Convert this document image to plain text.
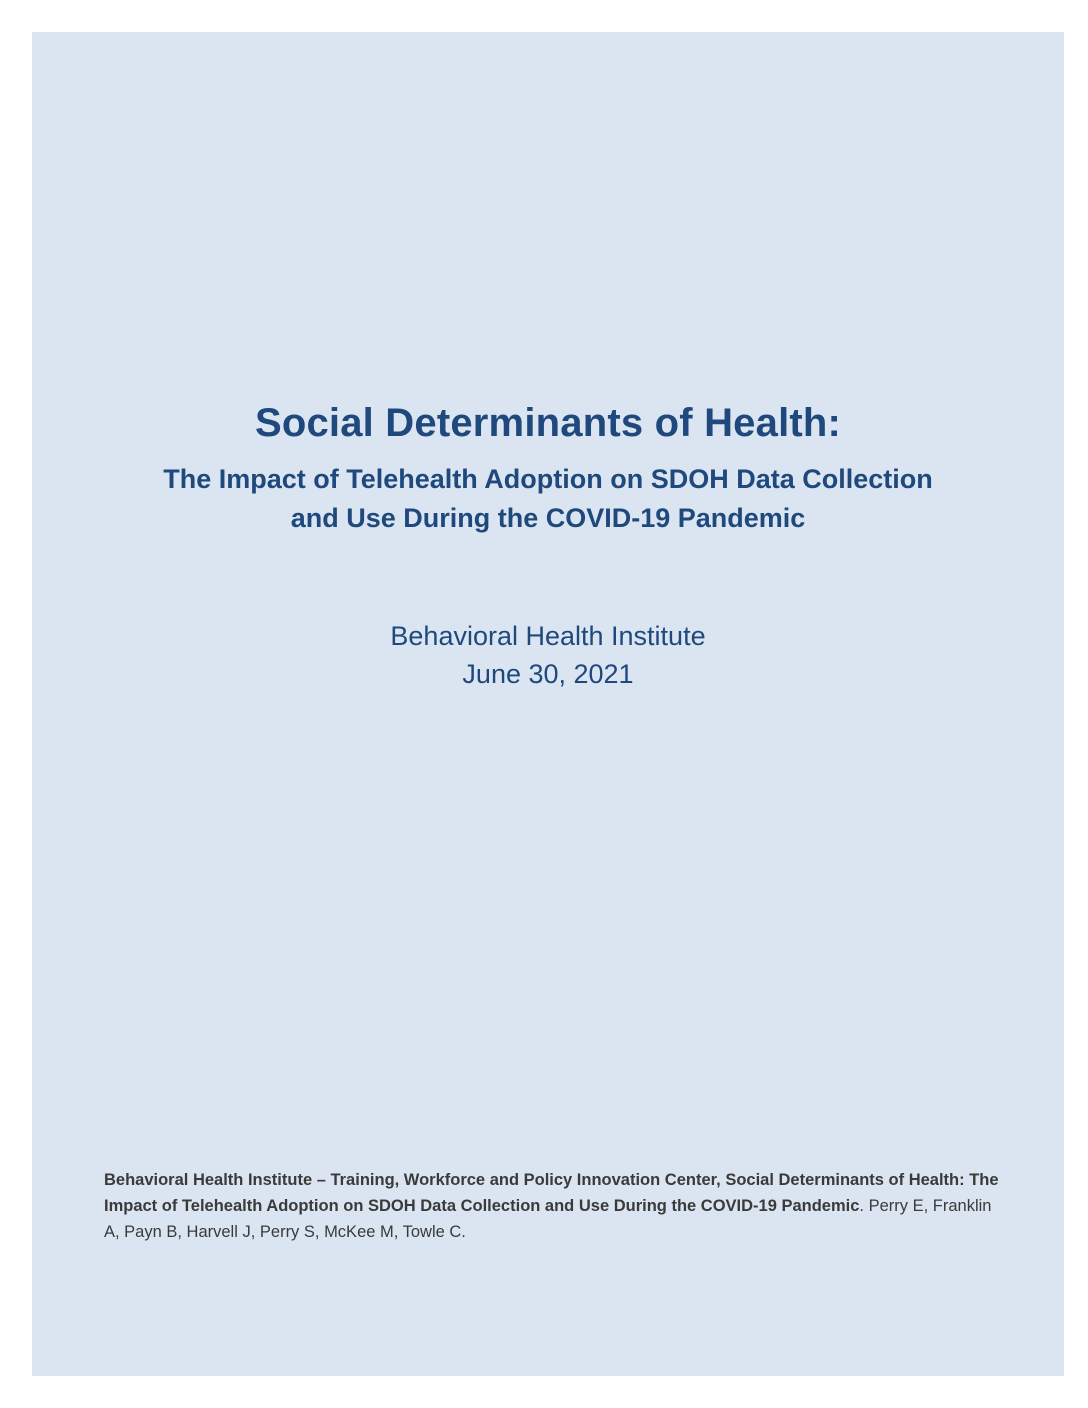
Social Determinants of Health:
The Impact of Telehealth Adoption on SDOH Data Collection
and Use During the COVID-19 Pandemic
Behavioral Health Institute
June 30, 2021
Behavioral Health Institute – Training, Workforce and Policy Innovation Center, Social Determinants of Health: The Impact of Telehealth Adoption on SDOH Data Collection and Use During the COVID-19 Pandemic. Perry E, Franklin A, Payn B, Harvell J, Perry S, McKee M, Towle C.
